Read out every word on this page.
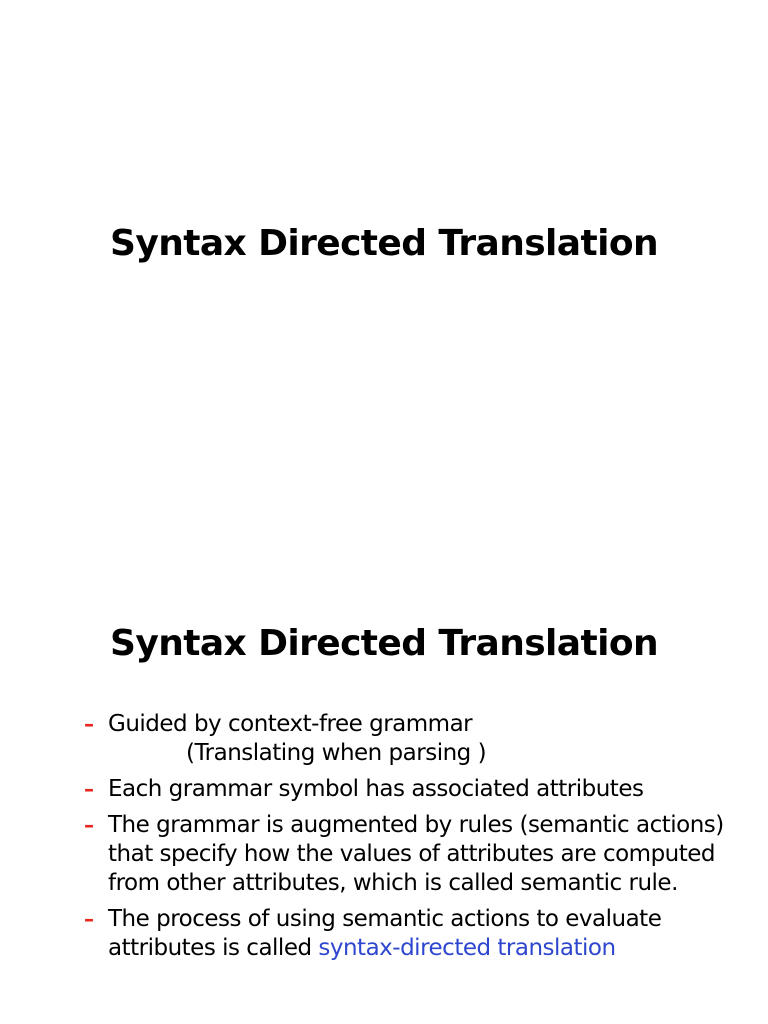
Syntax Directed Translation
Syntax Directed Translation
– Guided by context-free grammar
(Translating when parsing )
– Each grammar symbol has associated attributes
– The grammar is augmented by rules (semantic actions) that specify how the values of attributes are computed from other attributes, which is called semantic rule.
– The process of using semantic actions to evaluate attributes is called syntax-directed translation
